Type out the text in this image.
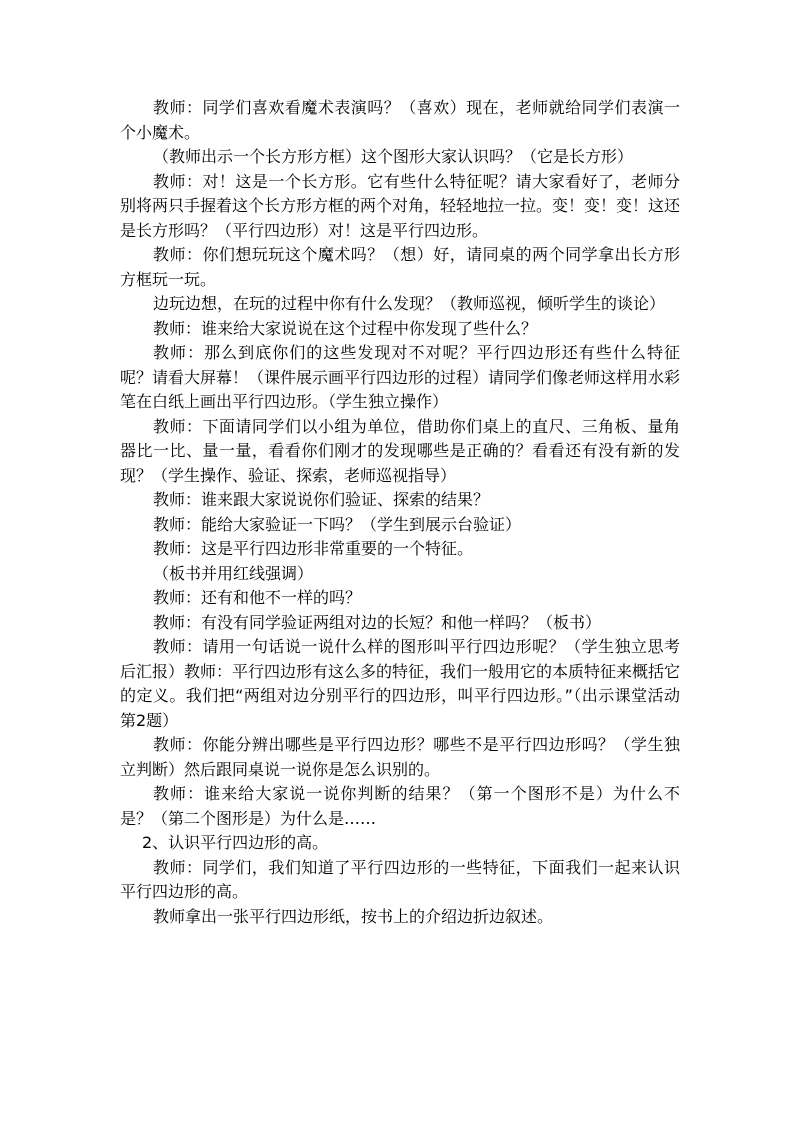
教师：同学们喜欢看魔术表演吗？（喜欢）现在，老师就给同学们表演一个小魔术。

（教师出示一个长方形方框）这个图形大家认识吗？（它是长方形）

教师：对！这是一个长方形。它有些什么特征呢？请大家看好了，老师分别将两只手握着这个长方形方框的两个对角，轻轻地拉一拉。变！变！变！这还是长方形吗？（平行四边形）对！这是平行四边形。

教师：你们想玩玩这个魔术吗？（想）好，请同桌的两个同学拿出长方形方框玩一玩。

边玩边想，在玩的过程中你有什么发现？（教师巡视，倾听学生的谈论）

教师：谁来给大家说说在这个过程中你发现了些什么？

教师：那么到底你们的这些发现对不对呢？平行四边形还有些什么特征呢？请看大屏幕！（课件展示画平行四边形的过程）请同学们像老师这样用水彩笔在白纸上画出平行四边形。（学生独立操作）

教师：下面请同学们以小组为单位，借助你们桌上的直尺、三角板、量角器比一比、量一量，看看你们刚才的发现哪些是正确的？看看还有没有新的发现？（学生操作、验证、探索，老师巡视指导）

教师：谁来跟大家说说你们验证、探索的结果？

教师：能给大家验证一下吗？（学生到展示台验证）

教师：这是平行四边形非常重要的一个特征。

（板书并用红线强调）

教师：还有和他不一样的吗？

教师：有没有同学验证两组对边的长短？和他一样吗？（板书）

教师：请用一句话说一说什么样的图形叫平行四边形呢？（学生独立思考后汇报）教师：平行四边形有这么多的特征，我们一般用它的本质特征来概括它的定义。我们把“两组对边分别平行的四边形，叫平行四边形。”（出示课堂活动第2题）

教师：你能分辨出哪些是平行四边形？哪些不是平行四边形吗？（学生独立判断）然后跟同桌说一说你是怎么识别的。

教师：谁来给大家说一说你判断的结果？（第一个图形不是）为什么不是？（第二个图形是）为什么是……

2、认识平行四边形的高。

教师：同学们，我们知道了平行四边形的一些特征，下面我们一起来认识平行四边形的高。

教师拿出一张平行四边形纸，按书上的介绍边折边叙述。
